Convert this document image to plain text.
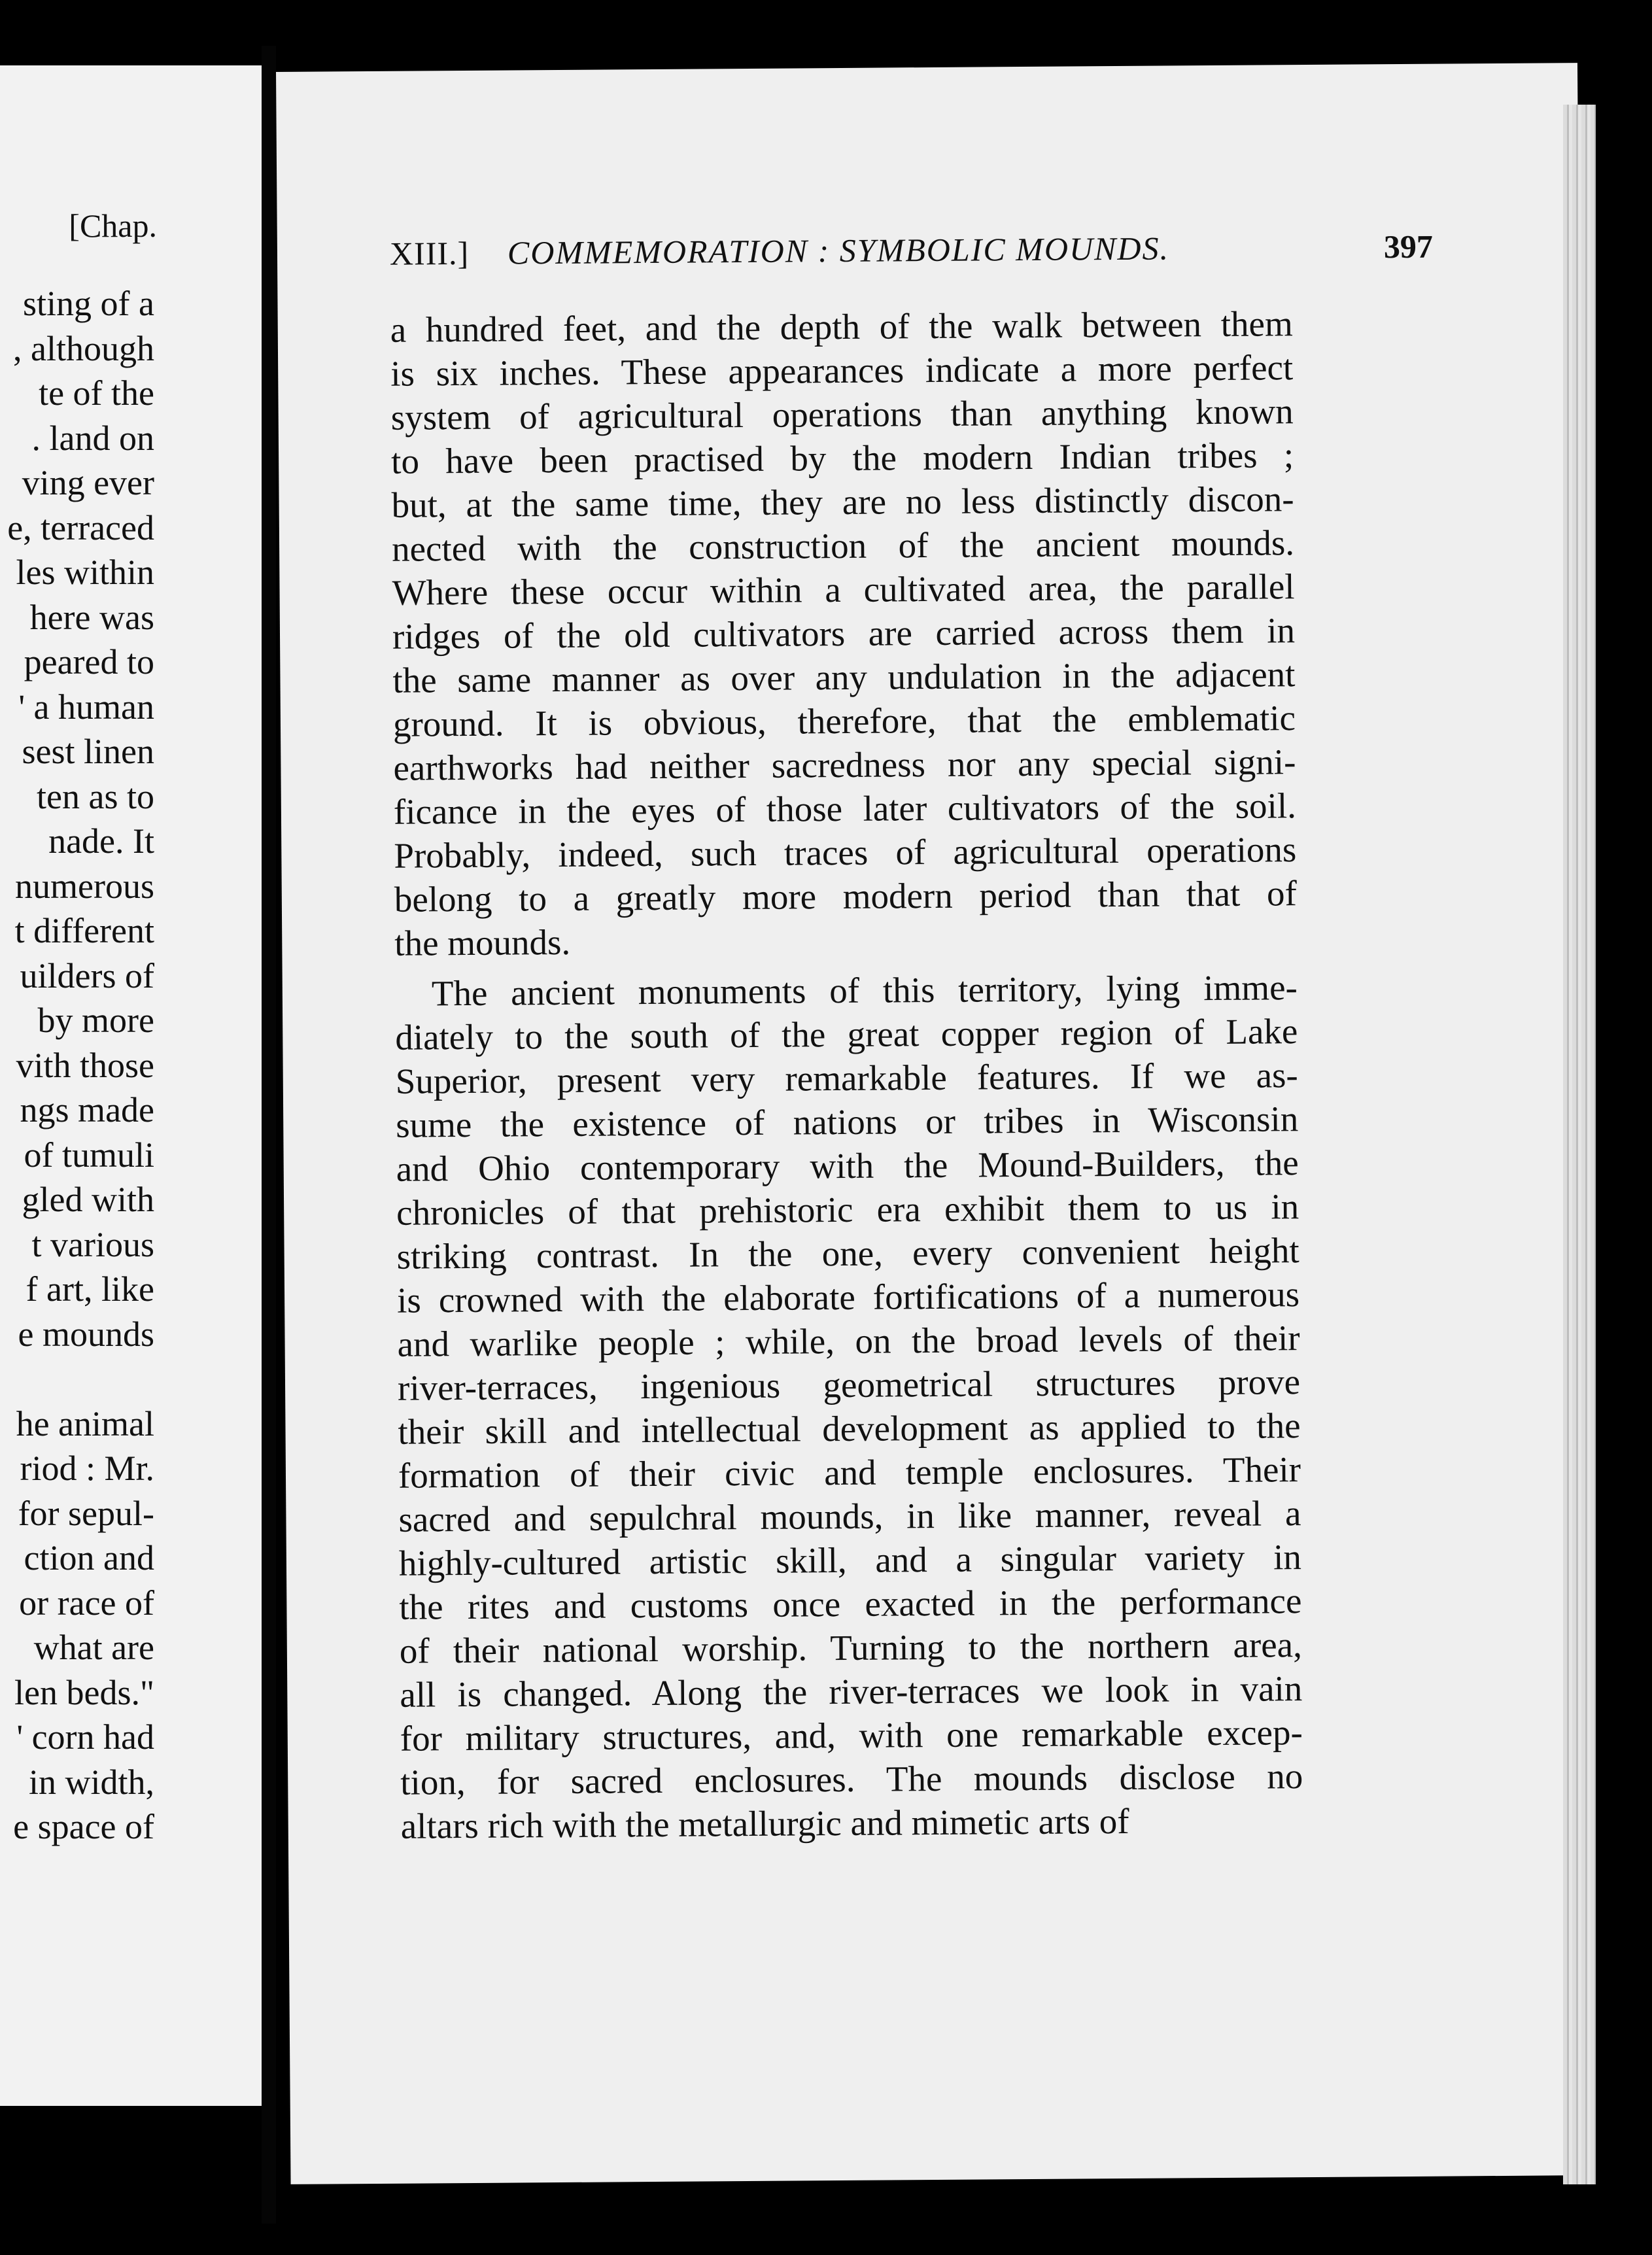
[Chap.
sting of a
, although
te of the
. land on
ving ever
e, terraced
les within
here was
peared to
' a human
sest linen
ten as to
nade. It
numerous
t different
uilders of
by more
vith those
ngs made
of tumuli
gled with
t various
f art, like
e mounds
he animal
riod : Mr.
for sepul-
ction and
or race of
what are
len beds."
' corn had
in width,
e space of
XIII.] COMMEMORATION : SYMBOLIC MOUNDS.	397
a hundred feet, and the depth of the walk between them
is six inches. These appearances indicate a more perfect
system of agricultural operations than anything known
to have been practised by the modern Indian tribes ;
but, at the same time, they are no less distinctly discon-
nected with the construction of the ancient mounds.
Where these occur within a cultivated area, the parallel
ridges of the old cultivators are carried across them in
the same manner as over any undulation in the adjacent
ground. It is obvious, therefore, that the emblematic
earthworks had neither sacredness nor any special signi-
ficance in the eyes of those later cultivators of the soil.
Probably, indeed, such traces of agricultural operations
belong to a greatly more modern period than that of
the mounds.
The ancient monuments of this territory, lying imme-
diately to the south of the great copper region of Lake
Superior, present very remarkable features. If we as-
sume the existence of nations or tribes in Wisconsin
and Ohio contemporary with the Mound-Builders, the
chronicles of that prehistoric era exhibit them to us in
striking contrast. In the one, every convenient height
is crowned with the elaborate fortifications of a numerous
and warlike people ; while, on the broad levels of their
river-terraces, ingenious geometrical structures prove
their skill and intellectual development as applied to the
formation of their civic and temple enclosures. Their
sacred and sepulchral mounds, in like manner, reveal a
highly-cultured artistic skill, and a singular variety in
the rites and customs once exacted in the performance
of their national worship. Turning to the northern area,
all is changed. Along the river-terraces we look in vain
for military structures, and, with one remarkable excep-
tion, for sacred enclosures. The mounds disclose no
altars rich with the metallurgic and mimetic arts of
